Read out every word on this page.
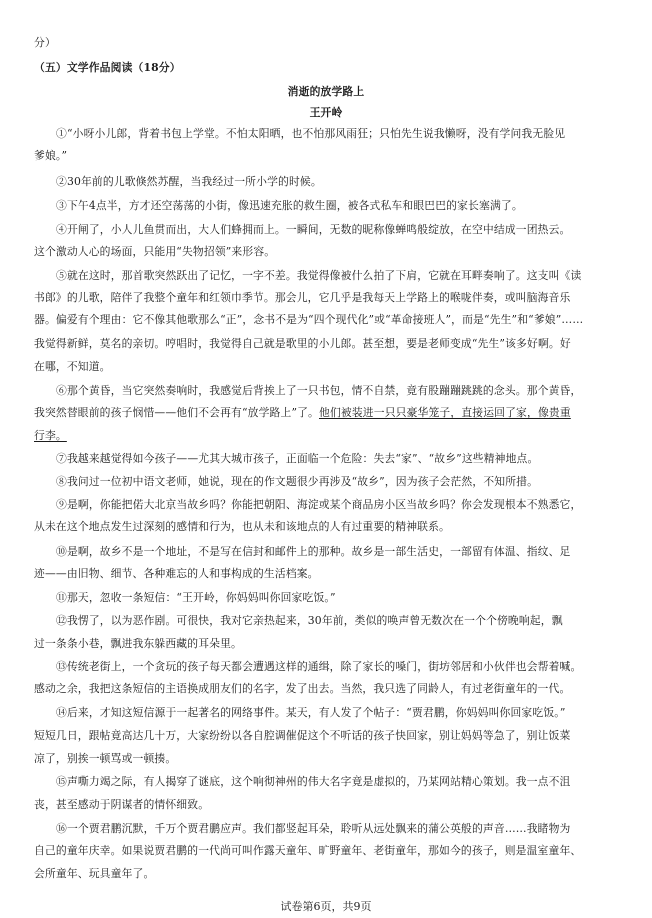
分）
（五）文学作品阅读（18分）
消逝的放学路上
王开岭
①“小呀小儿郎，背着书包上学堂。不怕太阳晒，也不怕那风雨狂；只怕先生说我懒呀，没有学问我无脸见
爹娘。”
②30年前的儿歌倏然苏醒，当我经过一所小学的时候。
③下午4点半，方才还空荡荡的小街，像迅速充胀的救生圈，被各式私车和眼巴巴的家长塞满了。
④开闸了，小人儿鱼贯而出，大人们蜂拥而上。一瞬间，无数的昵称像蝉鸣般绽放，在空中结成一团热云。
这个激动人心的场面，只能用“失物招领”来形容。
⑤就在这时，那首歌突然跃出了记忆，一字不差。我觉得像被什么拍了下肩，它就在耳畔奏响了。这支叫《读
书郎》的儿歌，陪伴了我整个童年和红领巾季节。那会儿，它几乎是我每天上学路上的喉咙伴奏，或叫脑海音乐
器。偏爱有个理由：它不像其他歌那么“正”，念书不是为“四个现代化”或“革命接班人”，而是“先生”和“爹娘”……
我觉得新鲜，莫名的亲切。哼唱时，我觉得自己就是歌里的小儿郎。甚至想，要是老师变成“先生”该多好啊。好
在哪，不知道。
⑥那个黄昏，当它突然奏响时，我感觉后背挨上了一只书包，情不自禁，竟有股蹦蹦跳跳的念头。那个黄昏，
我突然替眼前的孩子悯惜——他们不会再有“放学路上”了。他们被装进一只只豪华笼子，直接运回了家，像贵重
行李。
⑦我越来越觉得如今孩子——尤其大城市孩子，正面临一个危险：失去“家”、“故乡”这些精神地点。
⑧我问过一位初中语文老师，她说，现在的作文题很少再涉及“故乡”，因为孩子会茫然，不知所措。
⑨是啊，你能把偌大北京当故乡吗？你能把朝阳、海淀或某个商品房小区当故乡吗？你会发现根本不熟悉它，
从未在这个地点发生过深刻的感情和行为，也从未和该地点的人有过重要的精神联系。
⑩是啊，故乡不是一个地址，不是写在信封和邮件上的那种。故乡是一部生活史，一部留有体温、指纹、足
迹——由旧物、细节、各种难忘的人和事构成的生活档案。
⑪那天，忽收一条短信：“王开岭，你妈妈叫你回家吃饭。”
⑫我愣了，以为恶作剧。可很快，我对它亲热起来，30年前，类似的唤声曾无数次在一个个傍晚响起，飘
过一条条小巷，飘进我东躲西藏的耳朵里。
⑬传统老街上，一个贪玩的孩子每天都会遭遇这样的通缉，除了家长的嗓门，街坊邻居和小伙伴也会帮着喊。
感动之余，我把这条短信的主语换成朋友们的名字，发了出去。当然，我只选了同龄人，有过老街童年的一代。
⑭后来，才知这短信源于一起著名的网络事件。某天，有人发了个帖子：“贾君鹏，你妈妈叫你回家吃饭。”
短短几日，跟帖竟高达几十万，大家纷纷以各自腔调催促这个不听话的孩子快回家，别让妈妈等急了，别让饭菜
凉了，别挨一顿骂或一顿揍。
⑮声嘶力竭之际，有人揭穿了谜底，这个响彻神州的伟大名字竟是虚拟的，乃某网站精心策划。我一点不沮
丧，甚至感动于阴谋者的情怀细致。
⑯一个贾君鹏沉默，千万个贾君鹏应声。我们都竖起耳朵，聆听从远处飘来的蒲公英般的声音……我睹物为
自己的童年庆幸。如果说贾君鹏的一代尚可叫作露天童年、旷野童年、老街童年，那如今的孩子，则是温室童年、
会所童年、玩具童年了。
试卷第6页，共9页
